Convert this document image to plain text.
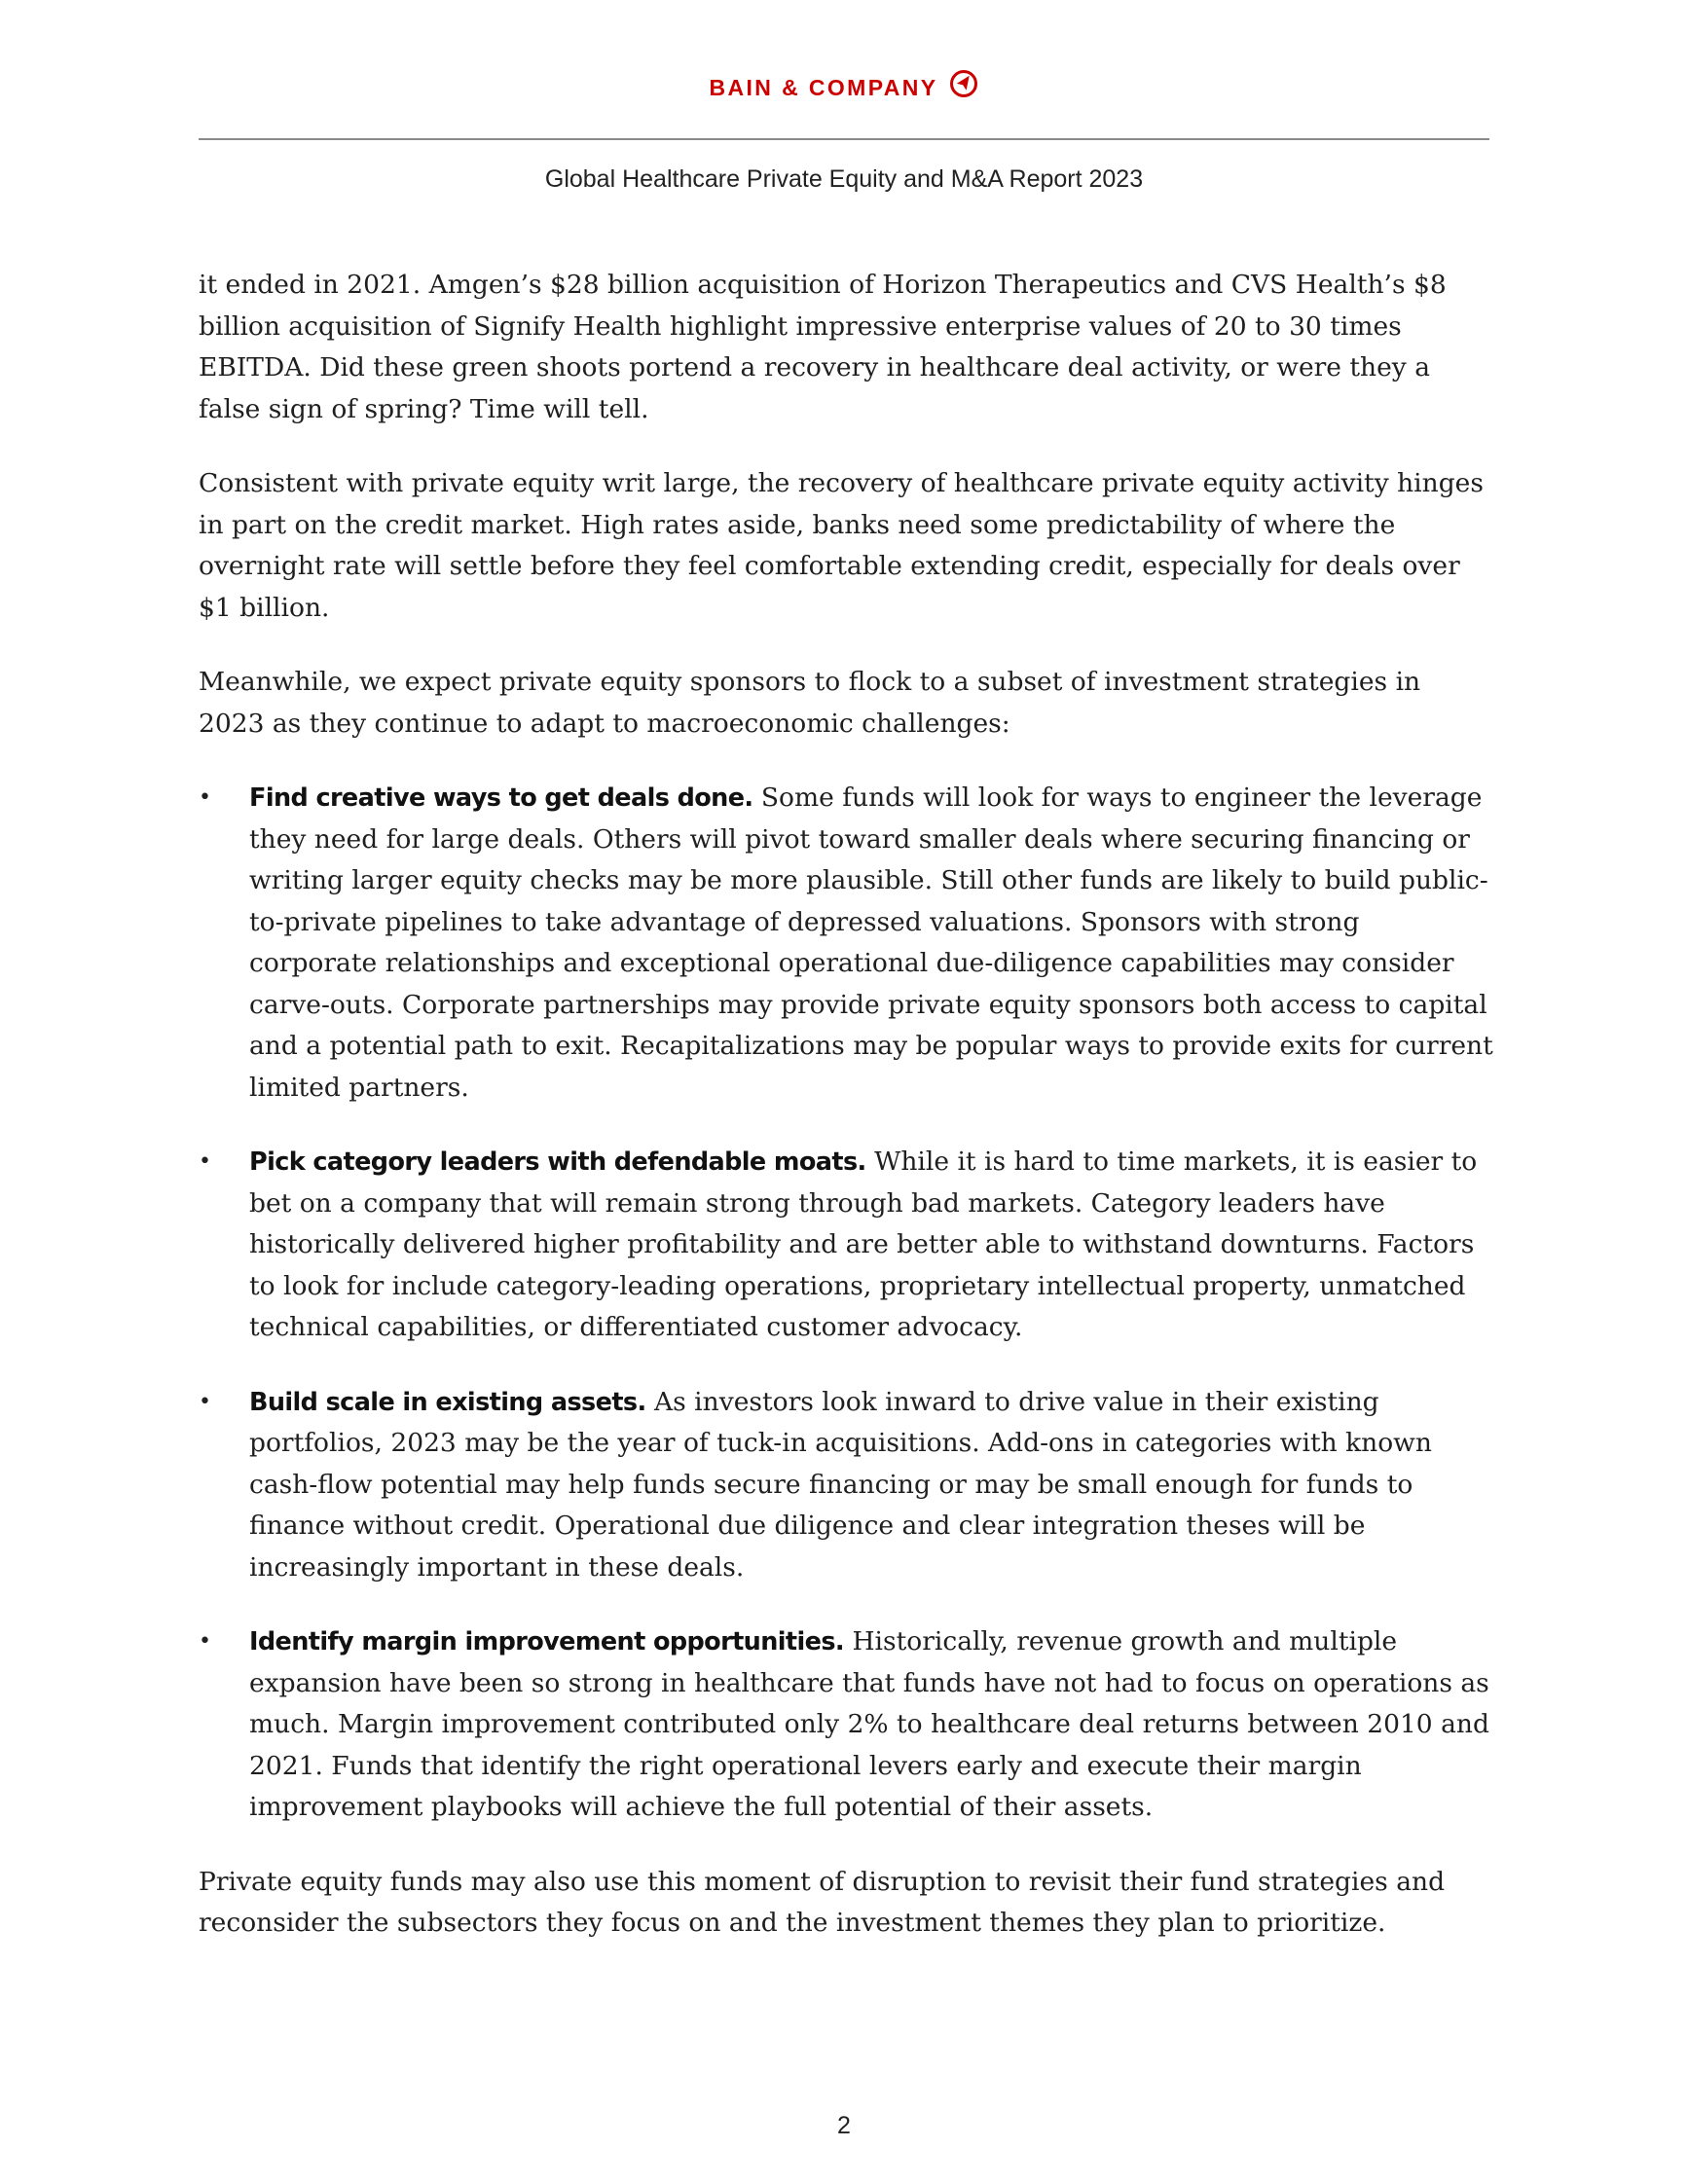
BAIN & COMPANY
Global Healthcare Private Equity and M&A Report 2023

it ended in 2021. Amgen’s $28 billion acquisition of Horizon Therapeutics and CVS Health’s $8 billion acquisition of Signify Health highlight impressive enterprise values of 20 to 30 times EBITDA. Did these green shoots portend a recovery in healthcare deal activity, or were they a false sign of spring? Time will tell.

Consistent with private equity writ large, the recovery of healthcare private equity activity hinges in part on the credit market. High rates aside, banks need some predictability of where the overnight rate will settle before they feel comfortable extending credit, especially for deals over $1 billion.

Meanwhile, we expect private equity sponsors to flock to a subset of investment strategies in 2023 as they continue to adapt to macroeconomic challenges:

• Find creative ways to get deals done. Some funds will look for ways to engineer the leverage they need for large deals. Others will pivot toward smaller deals where securing financing or writing larger equity checks may be more plausible. Still other funds are likely to build public-to-private pipelines to take advantage of depressed valuations. Sponsors with strong corporate relationships and exceptional operational due-diligence capabilities may consider carve-outs. Corporate partnerships may provide private equity sponsors both access to capital and a potential path to exit. Recapitalizations may be popular ways to provide exits for current limited partners.
• Pick category leaders with defendable moats. While it is hard to time markets, it is easier to bet on a company that will remain strong through bad markets. Category leaders have historically delivered higher profitability and are better able to withstand downturns. Factors to look for include category-leading operations, proprietary intellectual property, unmatched technical capabilities, or differentiated customer advocacy.
• Build scale in existing assets. As investors look inward to drive value in their existing portfolios, 2023 may be the year of tuck-in acquisitions. Add-ons in categories with known cash-flow potential may help funds secure financing or may be small enough for funds to finance without credit. Operational due diligence and clear integration theses will be increasingly important in these deals.
• Identify margin improvement opportunities. Historically, revenue growth and multiple expansion have been so strong in healthcare that funds have not had to focus on operations as much. Margin improvement contributed only 2% to healthcare deal returns between 2010 and 2021. Funds that identify the right operational levers early and execute their margin improvement playbooks will achieve the full potential of their assets.

Private equity funds may also use this moment of disruption to revisit their fund strategies and reconsider the subsectors they focus on and the investment themes they plan to prioritize.

2
